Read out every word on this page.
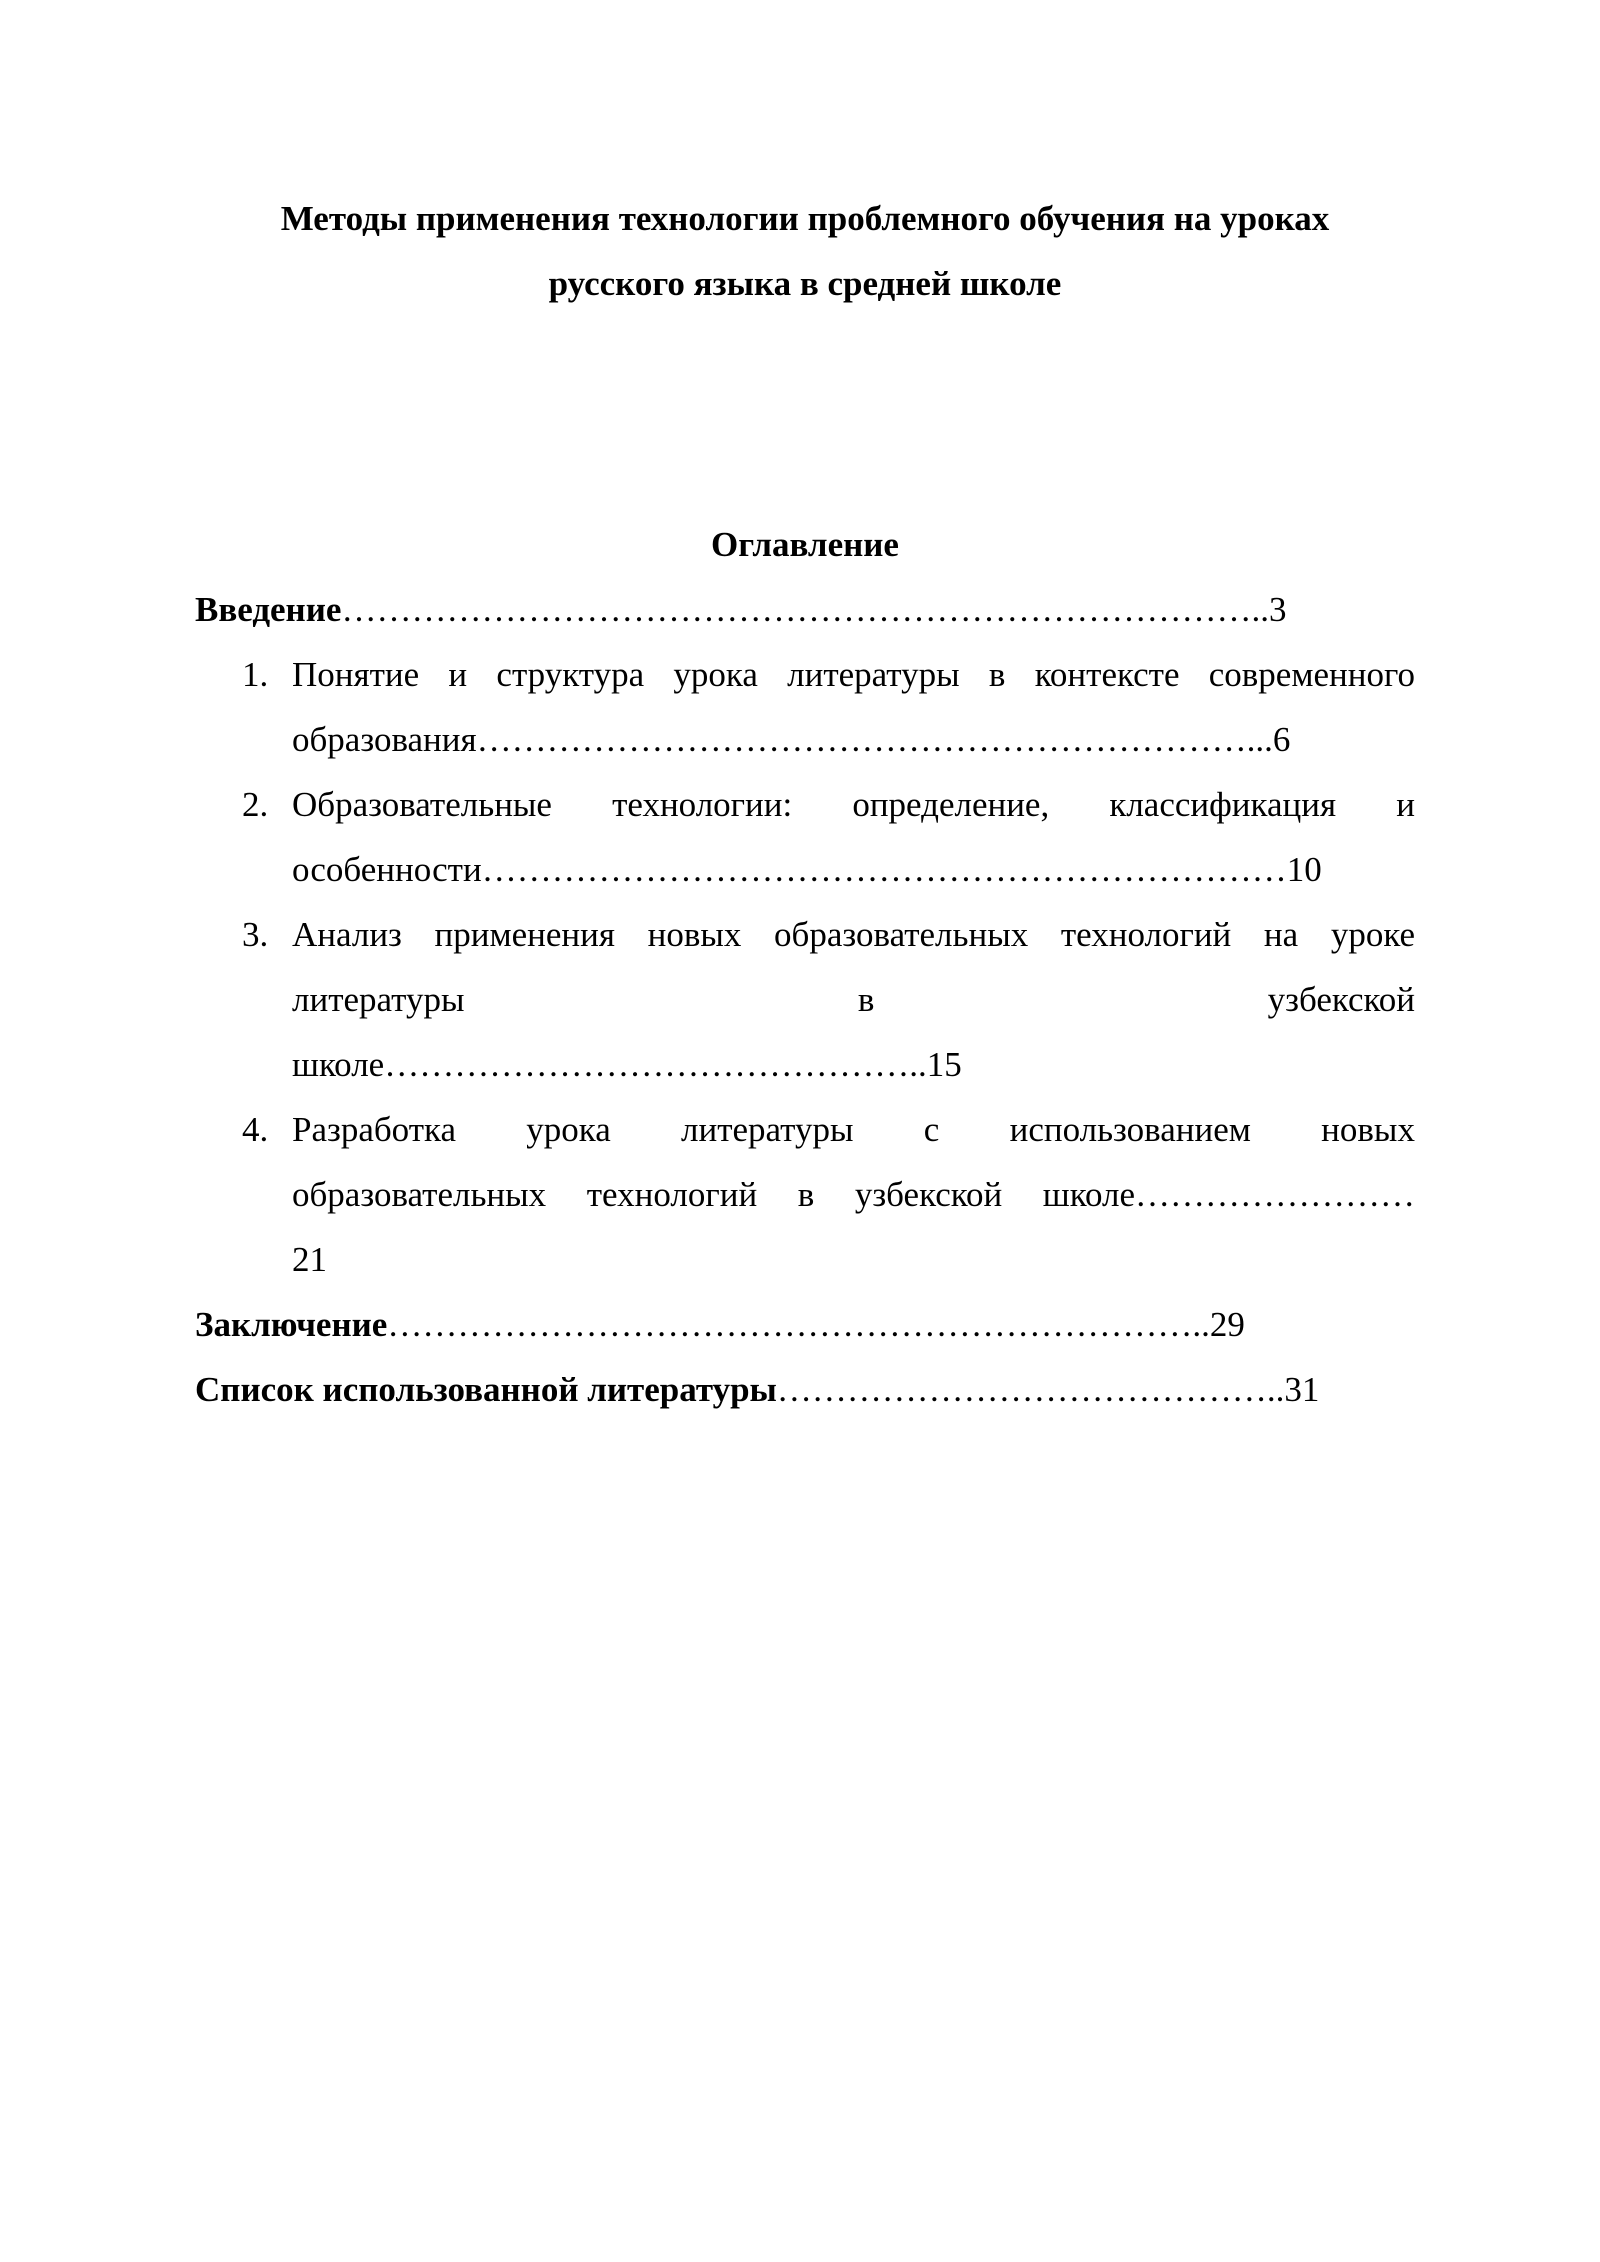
Методы применения технологии проблемного обучения на уроках
русского языка в средней школе
Оглавление
Введение …………………………………………………………………….. 3
1. Понятие и структура урока литературы в контексте современного
образования …………………………………………………………... 6
2. Образовательные технологии: определение, классификация и
особенности …………………………………………………………… 10
3. Анализ применения новых образовательных технологий на уроке
литературы	в	узбекской
школе ……………………………………….. 15
4. Разработка урока литературы с использованием новых
образовательных технологий в узбекской школе……………………
21
Заключение …………………………………………………………….. 29
Список использованной литературы …………………………………….. 31
